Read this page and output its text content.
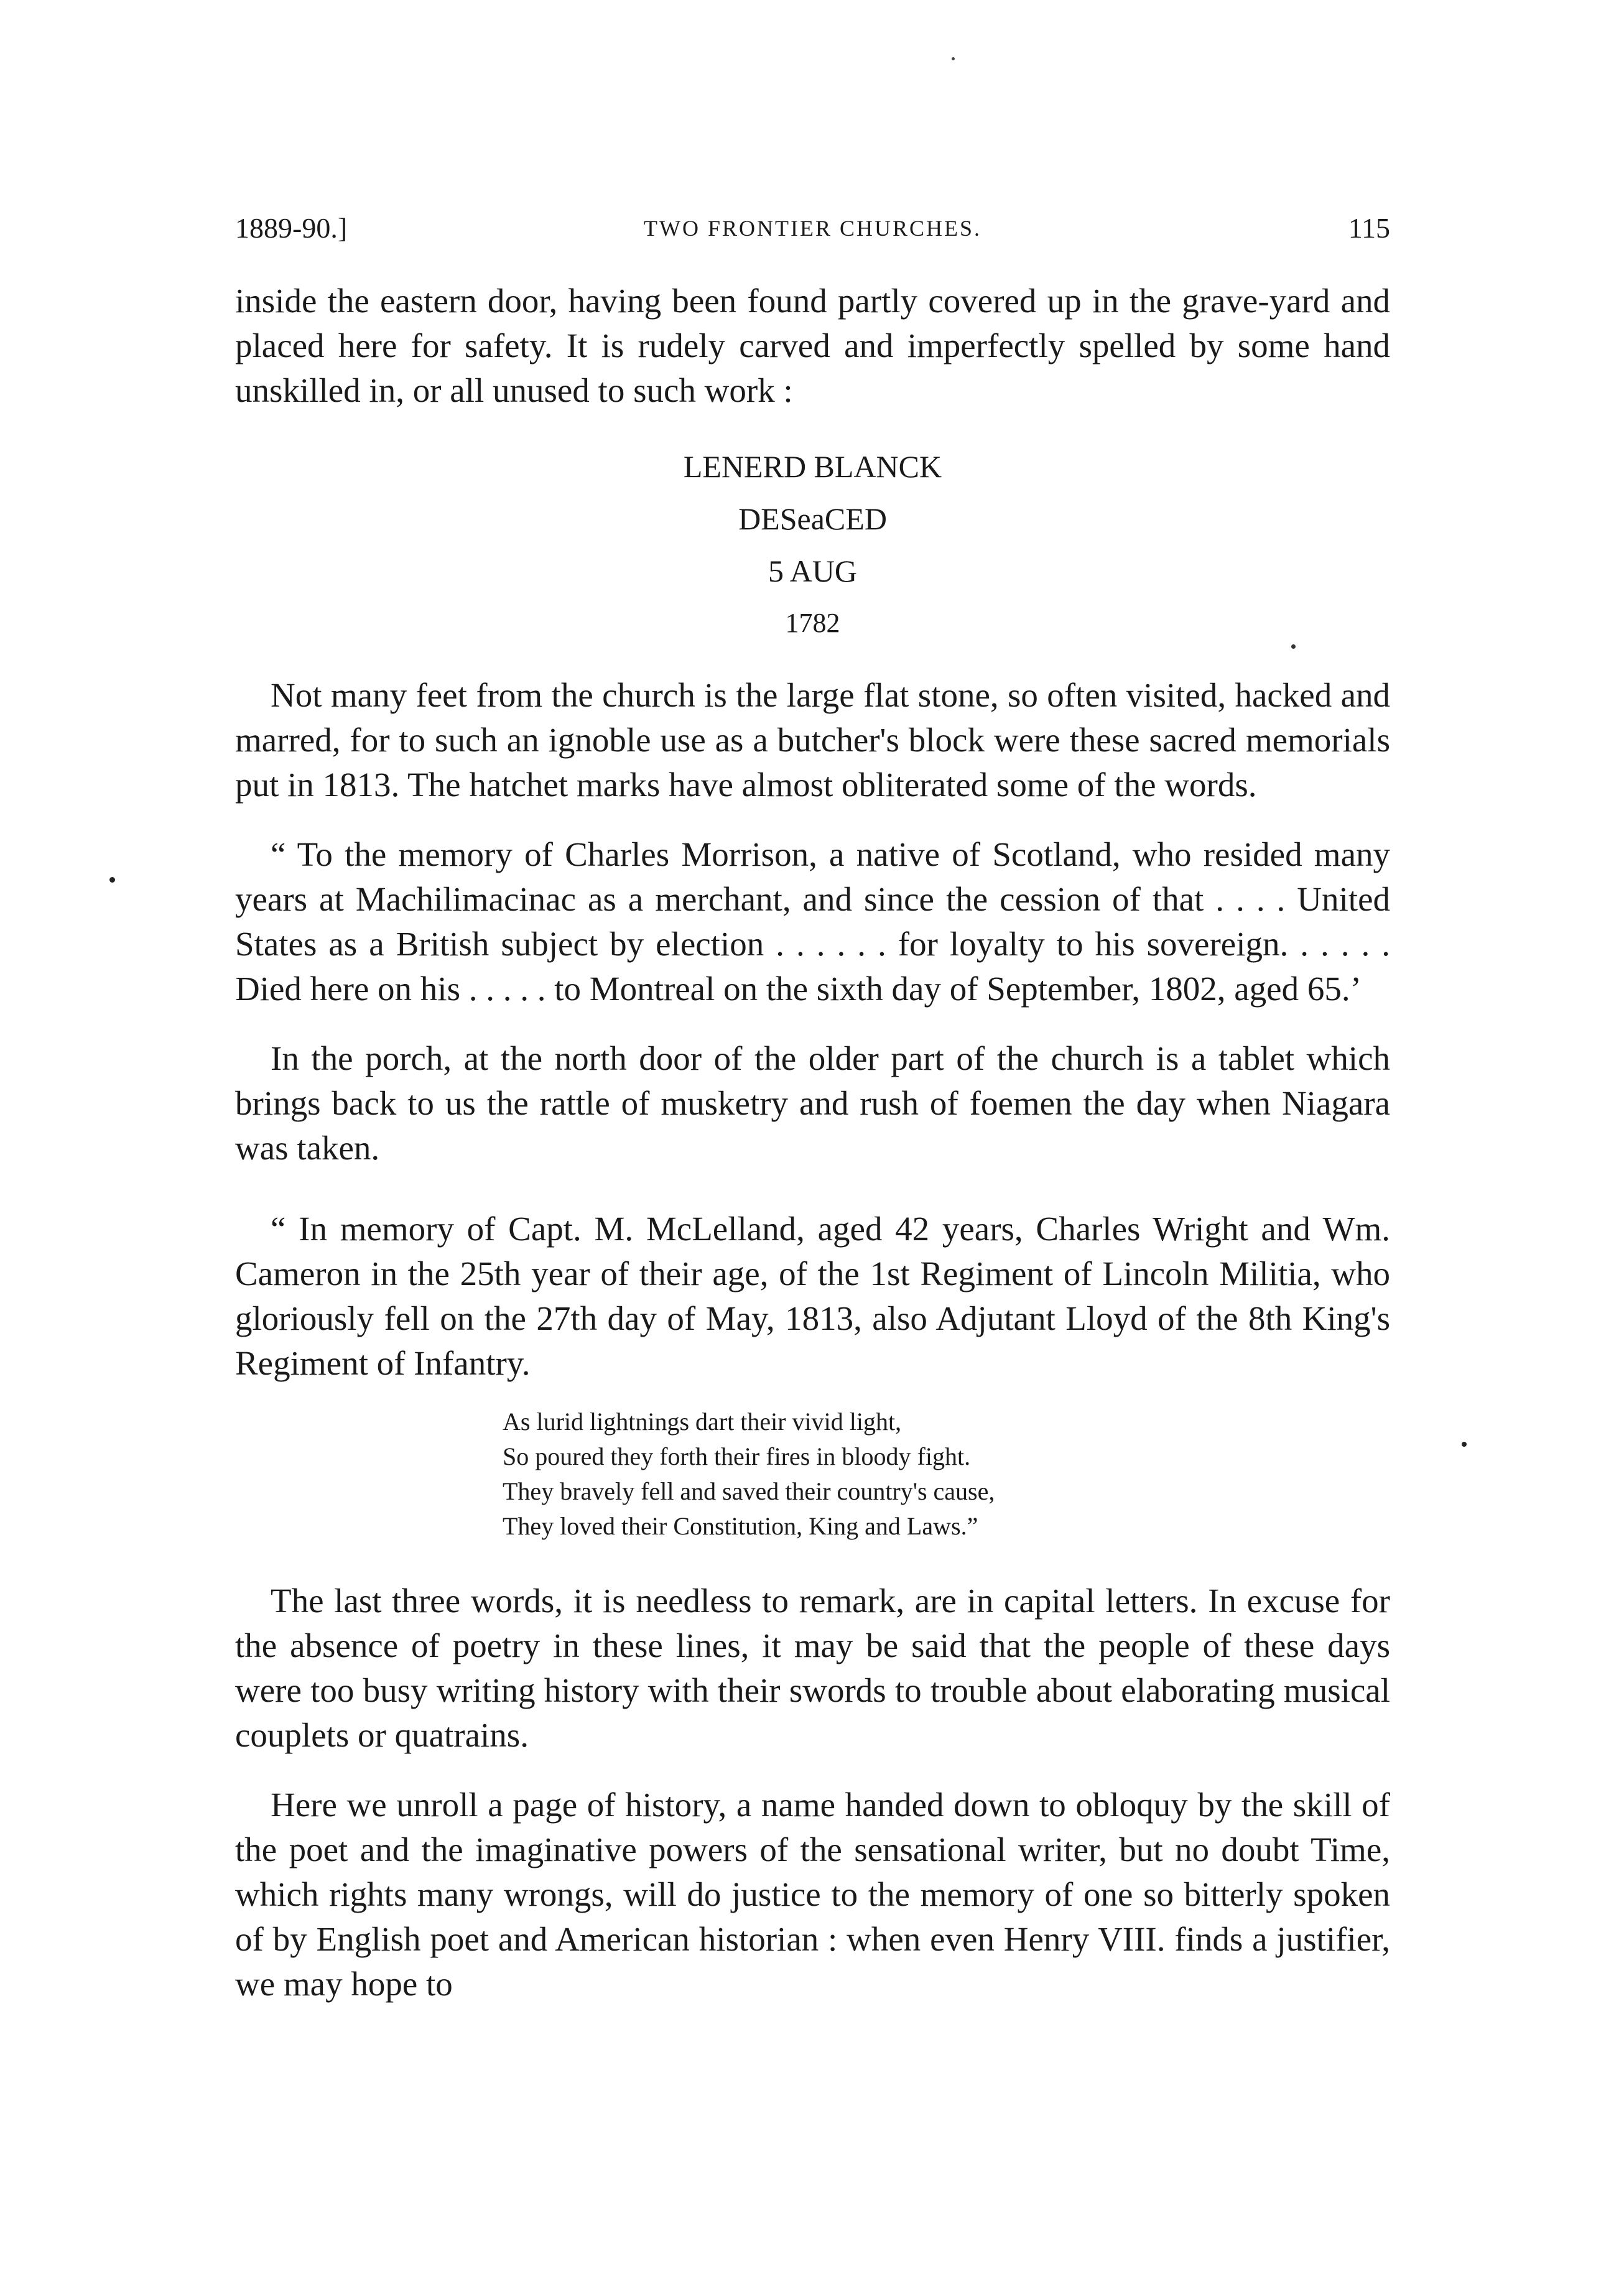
1889-90.]	TWO FRONTIER CHURCHES.	115

inside the eastern door, having been found partly covered up in the grave-yard and placed here for safety. It is rudely carved and imperfectly spelled by some hand unskilled in, or all unused to such work :

LENERD BLANCK
DESeaCED
5 AUG
1782

Not many feet from the church is the large flat stone, so often visited, hacked and marred, for to such an ignoble use as a butcher's block were these sacred memorials put in 1813. The hatchet marks have almost obliterated some of the words.

“ To the memory of Charles Morrison, a native of Scotland, who resided many years at Machilimacinac as a merchant, and since the cession of that . . . . United States as a British subject by election . . . . . . for loyalty to his sovereign. . . . . . Died here on his . . . . . to Montreal on the sixth day of September, 1802, aged 65.’

In the porch, at the north door of the older part of the church is a tablet which brings back to us the rattle of musketry and rush of foemen the day when Niagara was taken.

“ In memory of Capt. M. McLelland, aged 42 years, Charles Wright and Wm. Cameron in the 25th year of their age, of the 1st Regiment of Lincoln Militia, who gloriously fell on the 27th day of May, 1813, also Adjutant Lloyd of the 8th King's Regiment of Infantry.

As lurid lightnings dart their vivid light,
So poured they forth their fires in bloody fight.
They bravely fell and saved their country's cause,
They loved their Constitution, King and Laws.”

The last three words, it is needless to remark, are in capital letters. In excuse for the absence of poetry in these lines, it may be said that the people of these days were too busy writing history with their swords to trouble about elaborating musical couplets or quatrains.

Here we unroll a page of history, a name handed down to obloquy by the skill of the poet and the imaginative powers of the sensational writer, but no doubt Time, which rights many wrongs, will do justice to the memory of one so bitterly spoken of by English poet and American historian : when even Henry VIII. finds a justifier, we may hope to
